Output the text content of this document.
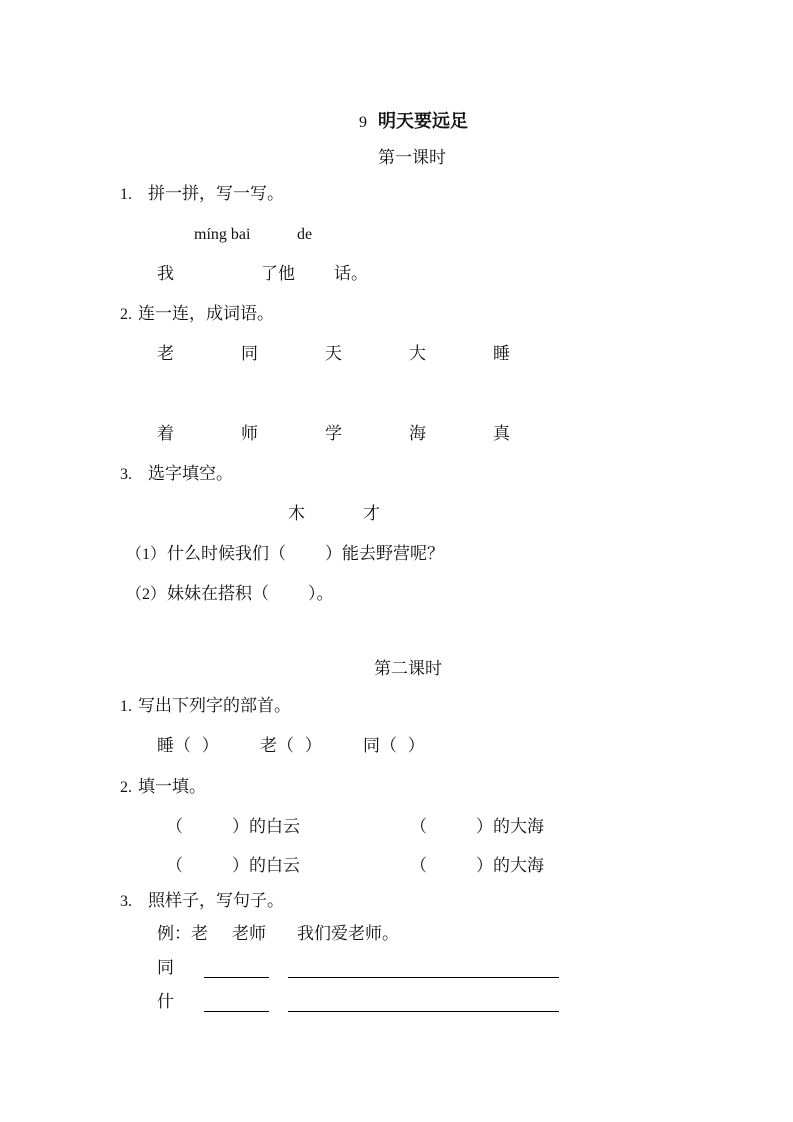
9 明天要远足
第一课时
1. 拼一拼，写一写。
míng bai	de
我	了他 话。
2. 连一连，成词语。
老	同	天	大	睡
着	师	学	海	真
3. 选字填空。
木	才
（1） 什么时候我们（ ）能去野营呢？
（2） 妹妹在搭积（ ）。
第二课时
1. 写出下列字的部首。
睡（  ） 老（  ） 同（  ）
2. 填一填。
（	）的白云	（	）的大海
（	）的白云	（	）的大海
3. 照样子，写句子。
例：老 老师 我们爱老师。
同
什
